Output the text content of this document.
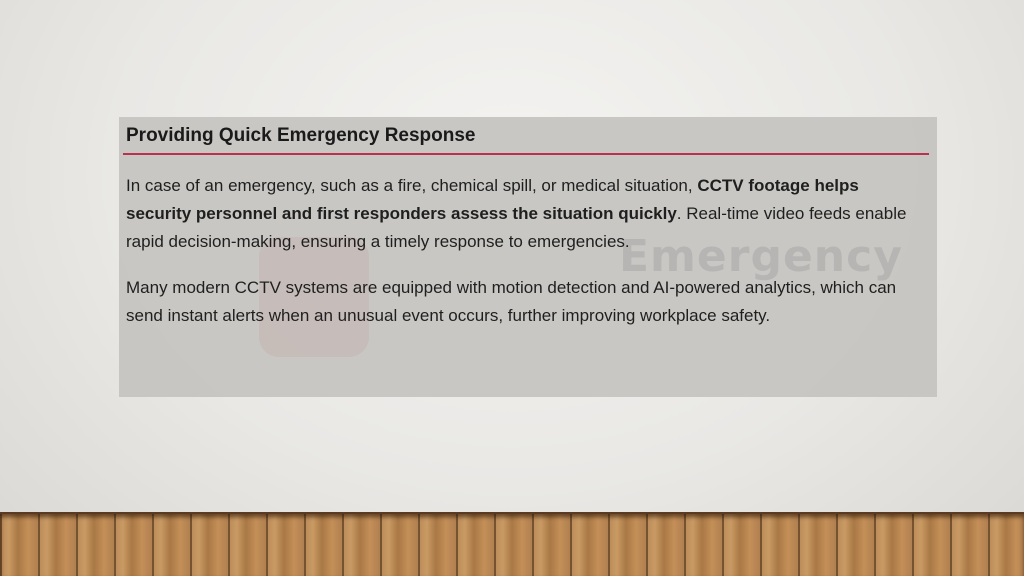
Emergency
Providing Quick Emergency Response
In case of an emergency, such as a fire, chemical spill, or medical situation, CCTV footage helps security personnel and first responders assess the situation quickly. Real-time video feeds enable rapid decision-making, ensuring a timely response to emergencies.
Many modern CCTV systems are equipped with motion detection and AI-powered analytics, which can send instant alerts when an unusual event occurs, further improving workplace safety.
